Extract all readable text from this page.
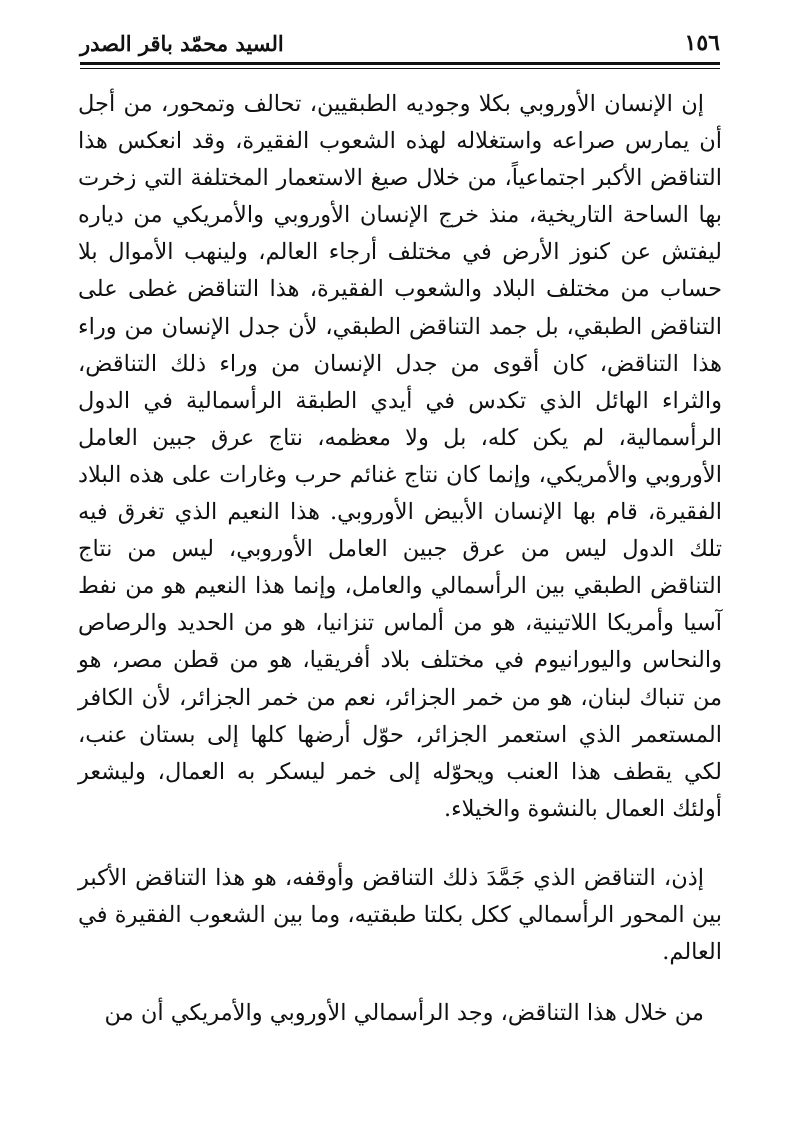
١٥٦
السيد محمّد باقر الصدر

إن الإنسان الأوروبي بكلا وجوديه الطبقيين، تحالف وتمحور، من أجل أن يمارس صراعه واستغلاله لهذه الشعوب الفقيرة، وقد انعكس هذا التناقض الأكبر اجتماعياً، من خلال صيغ الاستعمار المختلفة التي زخرت بها الساحة التاريخية، منذ خرج الإنسان الأوروبي والأمريكي من دياره ليفتش عن كنوز الأرض في مختلف أرجاء العالم، ولينهب الأموال بلا حساب من مختلف البلاد والشعوب الفقيرة، هذا التناقض غطى على التناقض الطبقي، بل جمد التناقض الطبقي، لأن جدل الإنسان من وراء هذا التناقض، كان أقوى من جدل الإنسان من وراء ذلك التناقض، والثراء الهائل الذي تكدس في أيدي الطبقة الرأسمالية في الدول الرأسمالية، لم يكن كله، بل ولا معظمه، نتاج عرق جبين العامل الأوروبي والأمريكي، وإنما كان نتاج غنائم حرب وغارات على هذه البلاد الفقيرة، قام بها الإنسان الأبيض الأوروبي. هذا النعيم الذي تغرق فيه تلك الدول ليس من عرق جبين العامل الأوروبي، ليس من نتاج التناقض الطبقي بين الرأسمالي والعامل، وإنما هذا النعيم هو من نفط آسيا وأمريكا اللاتينية، هو من ألماس تنزانيا، هو من الحديد والرصاص والنحاس واليورانيوم في مختلف بلاد أفريقيا، هو من قطن مصر، هو من تنباك لبنان، هو من خمر الجزائر، نعم من خمر الجزائر، لأن الكافر المستعمر الذي استعمر الجزائر، حوّل أرضها كلها إلى بستان عنب، لكي يقطف هذا العنب ويحوّله إلى خمر ليسكر به العمال، وليشعر أولئك العمال بالنشوة والخيلاء.

إذن، التناقض الذي جَمَّدَ ذلك التناقض وأوقفه، هو هذا التناقض الأكبر بين المحور الرأسمالي ككل بكلتا طبقتيه، وما بين الشعوب الفقيرة في العالم.

من خلال هذا التناقض، وجد الرأسمالي الأوروبي والأمريكي أن من
